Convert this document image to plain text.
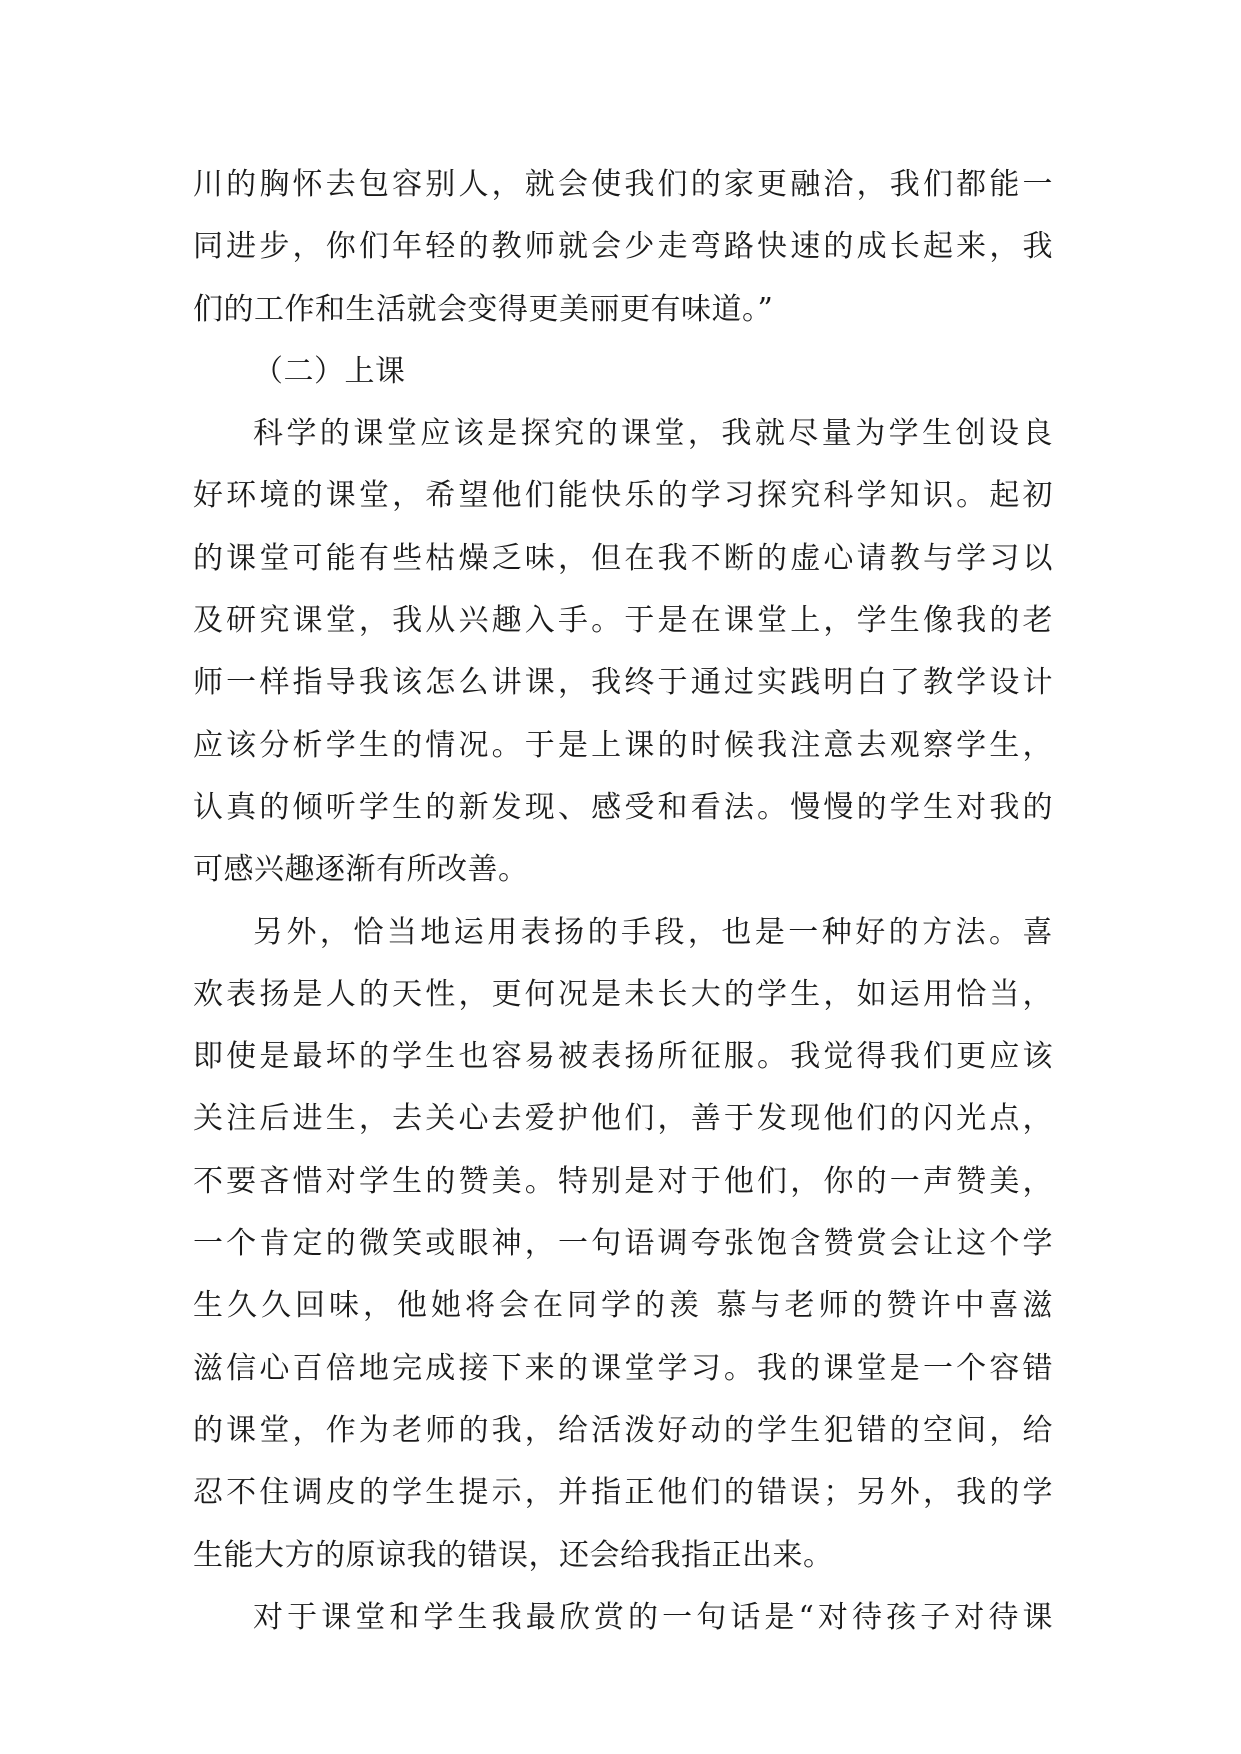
川的胸怀去包容别人，就会使我们的家更融洽，我们都能一
同进步，你们年轻的教师就会少走弯路快速的成长起来，我
们的工作和生活就会变得更美丽更有味道。”
（二）上课
科学的课堂应该是探究的课堂，我就尽量为学生创设良
好环境的课堂，希望他们能快乐的学习探究科学知识。起初
的课堂可能有些枯燥乏味，但在我不断的虚心请教与学习以
及研究课堂，我从兴趣入手。于是在课堂上，学生像我的老
师一样指导我该怎么讲课，我终于通过实践明白了教学设计
应该分析学生的情况。于是上课的时候我注意去观察学生，
认真的倾听学生的新发现、感受和看法。慢慢的学生对我的
可感兴趣逐渐有所改善。
另外，恰当地运用表扬的手段，也是一种好的方法。喜
欢表扬是人的天性，更何况是未长大的学生，如运用恰当，
即使是最坏的学生也容易被表扬所征服。我觉得我们更应该
关注后进生，去关心去爱护他们，善于发现他们的闪光点，
不要吝惜对学生的赞美。特别是对于他们，你的一声赞美，
一个肯定的微笑或眼神，一句语调夸张饱含赞赏会让这个学
生久久回味，他她将会在同学的羡 慕与老师的赞许中喜滋
滋信心百倍地完成接下来的课堂学习。我的课堂是一个容错
的课堂，作为老师的我，给活泼好动的学生犯错的空间，给
忍不住调皮的学生提示，并指正他们的错误；另外，我的学
生能大方的原谅我的错误，还会给我指正出来。
对于课堂和学生我最欣赏的一句话是“对待孩子对待课
